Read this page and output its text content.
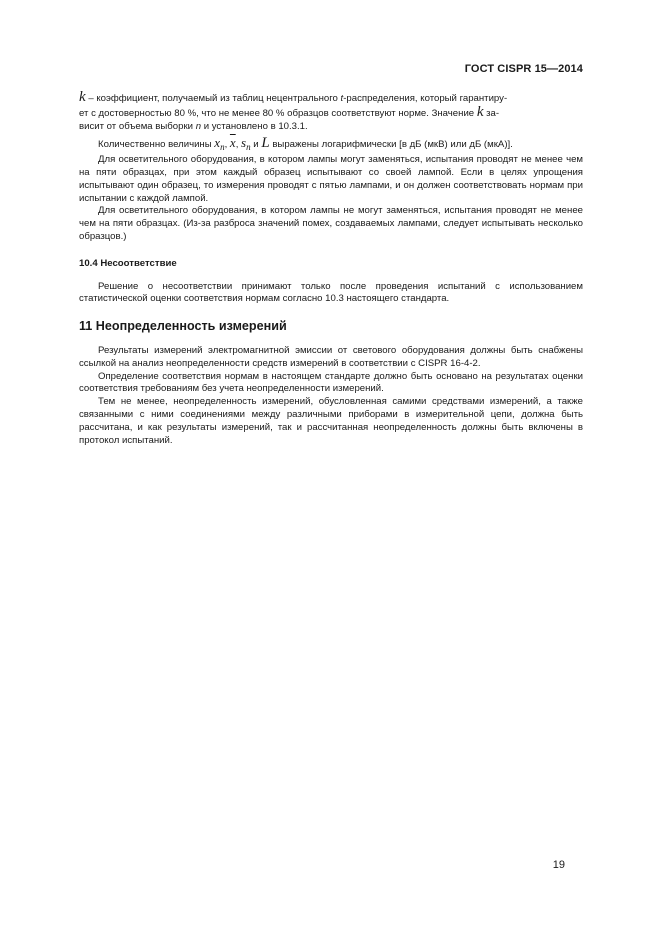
ГОСТ CISPR 15—2014

k – коэффициент, получаемый из таблиц нецентрального t-распределения, который гарантиру-
ет с достоверностью 80 %, что не менее 80 % образцов соответствуют норме. Значение k за-
висит от объема выборки n и установлено в 10.3.1.

Количественно величины xn, $\overline{x}$, sn и L выражены логарифмически [в дБ (мкВ) или дБ (мкА)].

Для осветительного оборудования, в котором лампы могут заменяться, испытания проводят не менее чем на пяти образцах, при этом каждый образец испытывают со своей лампой. Если в целях упрощения испытывают один образец, то измерения проводят с пятью лампами, и он должен соответствовать нормам при испытании с каждой лампой.

Для осветительного оборудования, в котором лампы не могут заменяться, испытания проводят не менее чем на пяти образцах. (Из-за разброса значений помех, создаваемых лампами, следует испытывать несколько образцов.)

10.4 Несоответствие

Решение о несоответствии принимают только после проведения испытаний с использованием статистической оценки соответствия нормам согласно 10.3 настоящего стандарта.

11 Неопределенность измерений

Результаты измерений электромагнитной эмиссии от светового оборудования должны быть снабжены ссылкой на анализ неопределенности средств измерений в соответствии с CISPR 16-4-2.

Определение соответствия нормам в настоящем стандарте должно быть основано на результатах оценки соответствия требованиям без учета неопределенности измерений.

Тем не менее, неопределенность измерений, обусловленная самими средствами измерений, а также связанными с ними соединениями между различными приборами в измерительной цепи, должна быть рассчитана, и как результаты измерений, так и рассчитанная неопределенность должны быть включены в протокол испытаний.

19
